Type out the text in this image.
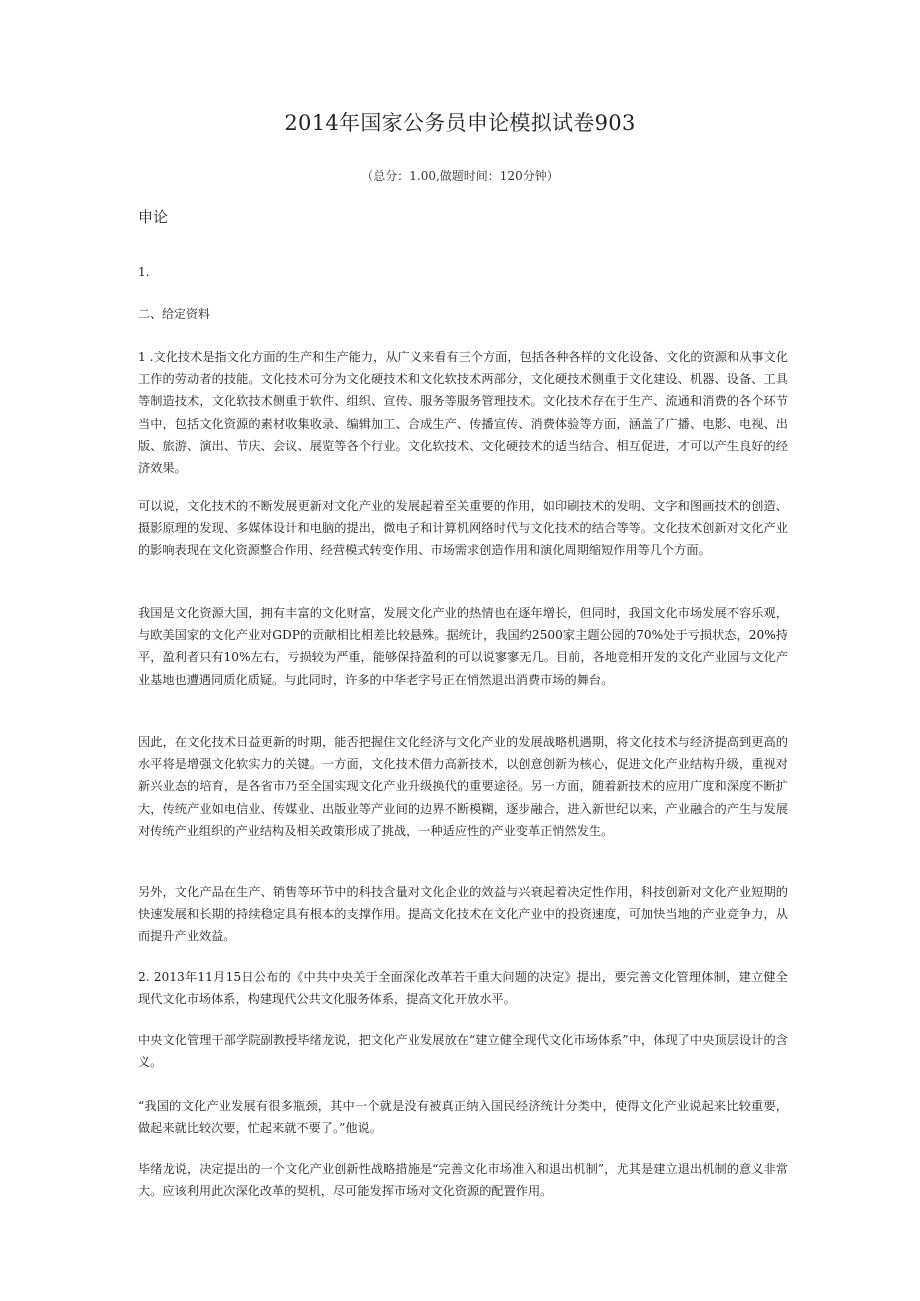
2014年国家公务员申论模拟试卷903
（总分：1.00,做题时间：120分钟）
申论
1.
二、给定资料

1 .文化技术是指文化方面的生产和生产能力，从广义来看有三个方面，包括各种各样的文化设备、文化的资源和从事文化工作的劳动者的技能。文化技术可分为文化硬技术和文化软技术两部分，文化硬技术侧重于文化建设、机器、设备、工具等制造技术，文化软技术侧重于软件、组织、宣传、服务等服务管理技术。文化技术存在于生产、流通和消费的各个环节当中，包括文化资源的素材收集收录、编辑加工、合成生产、传播宣传、消费体验等方面，涵盖了广播、电影、电视、出版、旅游、演出、节庆、会议、展览等各个行业。文化软技术、文化硬技术的适当结合、相互促进，才可以产生良好的经济效果。

可以说，文化技术的不断发展更新对文化产业的发展起着至关重要的作用，如印刷技术的发明、文字和图画技术的创造、摄影原理的发现、多媒体设计和电脑的提出，微电子和计算机网络时代与文化技术的结合等等。文化技术创新对文化产业的影响表现在文化资源整合作用、经营模式转变作用、市场需求创造作用和演化周期缩短作用等几个方面。

我国是文化资源大国，拥有丰富的文化财富，发展文化产业的热情也在逐年增长，但同时，我国文化市场发展不容乐观，与欧美国家的文化产业对GDP的贡献相比相差比较悬殊。据统计，我国约2500家主题公园的70%处于亏损状态，20%持平，盈利者只有10%左右，亏损较为严重，能够保持盈利的可以说寥寥无几。目前，各地竞相开发的文化产业园与文化产业基地也遭遇同质化质疑。与此同时，许多的中华老字号正在悄然退出消费市场的舞台。

因此，在文化技术日益更新的时期，能否把握住文化经济与文化产业的发展战略机遇期，将文化技术与经济提高到更高的水平将是增强文化软实力的关键。一方面，文化技术借力高新技术，以创意创新为核心，促进文化产业结构升级，重视对新兴业态的培育，是各省市乃至全国实现文化产业升级换代的重要途径。另一方面，随着新技术的应用广度和深度不断扩大，传统产业如电信业、传媒业、出版业等产业间的边界不断模糊，逐步融合，进入新世纪以来，产业融合的产生与发展对传统产业组织的产业结构及相关政策形成了挑战，一种适应性的产业变革正悄然发生。

另外，文化产品在生产、销售等环节中的科技含量对文化企业的效益与兴衰起着决定性作用，科技创新对文化产业短期的快速发展和长期的持续稳定具有根本的支撑作用。提高文化技术在文化产业中的投资速度，可加快当地的产业竞争力，从而提升产业效益。

2. 2013年11月15日公布的《中共中央关于全面深化改革若干重大问题的决定》提出，要完善文化管理体制，建立健全现代文化市场体系，构建现代公共文化服务体系，提高文化开放水平。

中央文化管理干部学院副教授毕绪龙说，把文化产业发展放在“建立健全现代文化市场体系”中，体现了中央顶层设计的含义。

“我国的文化产业发展有很多瓶颈，其中一个就是没有被真正纳入国民经济统计分类中，使得文化产业说起来比较重要，做起来就比较次要，忙起来就不要了。”他说。

毕绪龙说，决定提出的一个文化产业创新性战略措施是“完善文化市场准入和退出机制”，尤其是建立退出机制的意义非常大。应该利用此次深化改革的契机，尽可能发挥市场对文化资源的配置作用。
